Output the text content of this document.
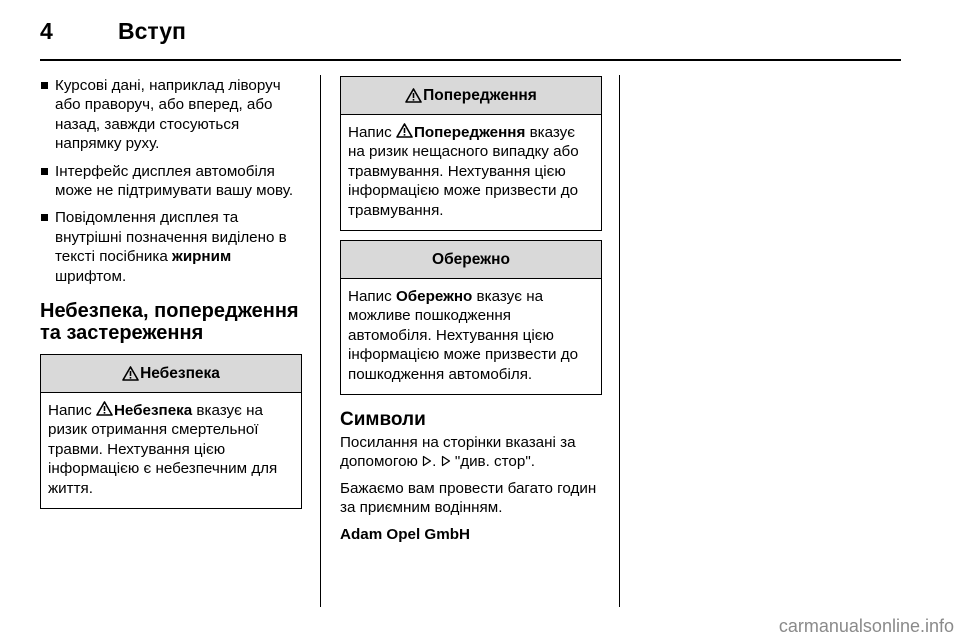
4	Вступ
Курсові дані, наприклад ліворуч або праворуч, або вперед, або назад, завжди стосуються напрямку руху.
Інтерфейс дисплея автомобіля може не підтримувати вашу мову.
Повідомлення дисплея та внутрішні позначення виділено в тексті посібника жирним шрифтом.
Небезпека, попередження та застереження
Небезпека
Напис Небезпека вказує на ризик отримання смертельної травми. Нехтування цією інформацією є небезпечним для життя.
Попередження
Напис Попередження вказує на ризик нещасного випадку або травмування. Нехтування цією інформацією може призвести до травмування.
Обережно
Напис Обережно вказує на можливе пошкодження автомобіля. Нехтування цією інформацією може призвести до пошкодження автомобіля.
Символи

Посилання на сторінки вказані за допомогою .  "див. стор".

Бажаємо вам провести багато годин за приємним водінням.

Adam Opel GmbH

carmanualsonline.info
